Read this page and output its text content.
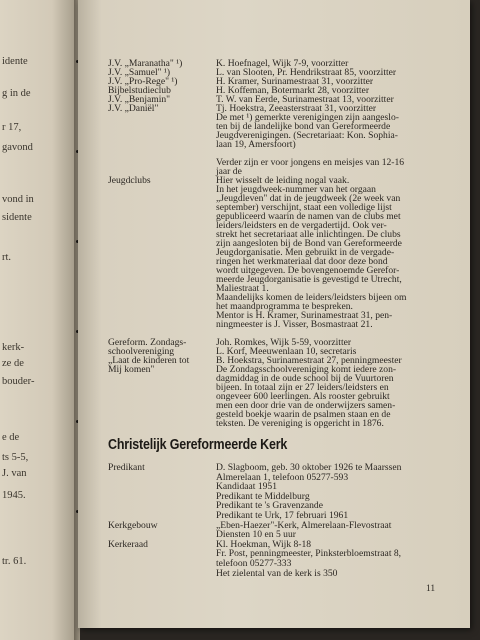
idente
g in de
r 17,
gavond
vond in
sidente
rt.
kerk-
ze de
bouder-
e de
ts 5-5,
J. van
1945.
tr. 61.
Christelijk Gereformeerde Kerk
11
J.V. „Maranatha" ¹)	K. Hoefnagel, Wijk 7-9, voorzitter
J.V. „Samuel" ¹)	L. van Slooten, Pr. Hendrikstraat 85, voorzitter
J.V. „Pro-Rege" ¹)	H. Kramer, Surinamestraat 31, voorzitter
Bijbelstudieclub	H. Koffeman, Botermarkt 28, voorzitter
J.V. „Benjamin"	T. W. van Eerde, Surinamestraat 13, voorzitter
J.V. „Daniël"	Tj. Hoekstra, Zeeasterstraat 31, voorzitter
De met ¹) gemerkte verenigingen zijn aangeslo-
ten bij de landelijke bond van Gereformeerde
Jeugdverenigingen. (Secretariaat: Kon. Sophia-
laan 19, Amersfoort)
Verder zijn er voor jongens en meisjes van 12-16
jaar de
Jeugdclubs	Hier wisselt de leiding nogal vaak.
In het jeugdweek-nummer van het orgaan
„Jeugdleven" dat in de jeugdweek (2e week van
september) verschijnt, staat een volledige lijst
gepubliceerd waarin de namen van de clubs met
leiders/leidsters en de vergadertijd. Ook ver-
strekt het secretariaat alle inlichtingen. De clubs
zijn aangesloten bij de Bond van Gereformeerde
Jeugdorganisatie. Men gebruikt in de vergade-
ringen het werkmateriaal dat door deze bond
wordt uitgegeven. De bovengenoemde Gerefor-
meerde Jeugdorganisatie is gevestigd te Utrecht,
Maliestraat 1.
Maandelijks komen de leiders/leidsters bijeen om
het maandprogramma te bespreken.
Mentor is H. Kramer, Surinamestraat 31, pen-
ningmeester is J. Visser, Bosmastraat 21.
Gereform. Zondags-	Joh. Romkes, Wijk 5-59, voorzitter
schoolvereniging	L. Korf, Meeuwenlaan 10, secretaris
„Laat de kinderen tot	B. Hoekstra, Surinamestraat 27, penningmeester
Mij komen"	De Zondagsschoolvereniging komt iedere zon-
dagmiddag in de oude school bij de Vuurtoren
bijeen. In totaal zijn er 27 leiders/leidsters en
ongeveer 600 leerlingen. Als rooster gebruikt
men een door drie van de onderwijzers samen-
gesteld boekje waarin de psalmen staan en de
teksten. De vereniging is opgericht in 1876.
Predikant	D. Slagboom, geb. 30 oktober 1926 te Maarssen
Almerelaan 1, telefoon 05277-593
Kandidaat 1951
Predikant te Middelburg
Predikant te 's Gravenzande
Predikant te Urk, 17 februari 1961
Kerkgebouw	„Eben-Haezer"-Kerk, Almerelaan-Flevostraat
Diensten 10 en 5 uur
Kerkeraad	Kl. Hoekman, Wijk 8-18
Fr. Post, penningmeester, Pinksterbloemstraat 8,
telefoon 05277-333
Het zielental van de kerk is 350
